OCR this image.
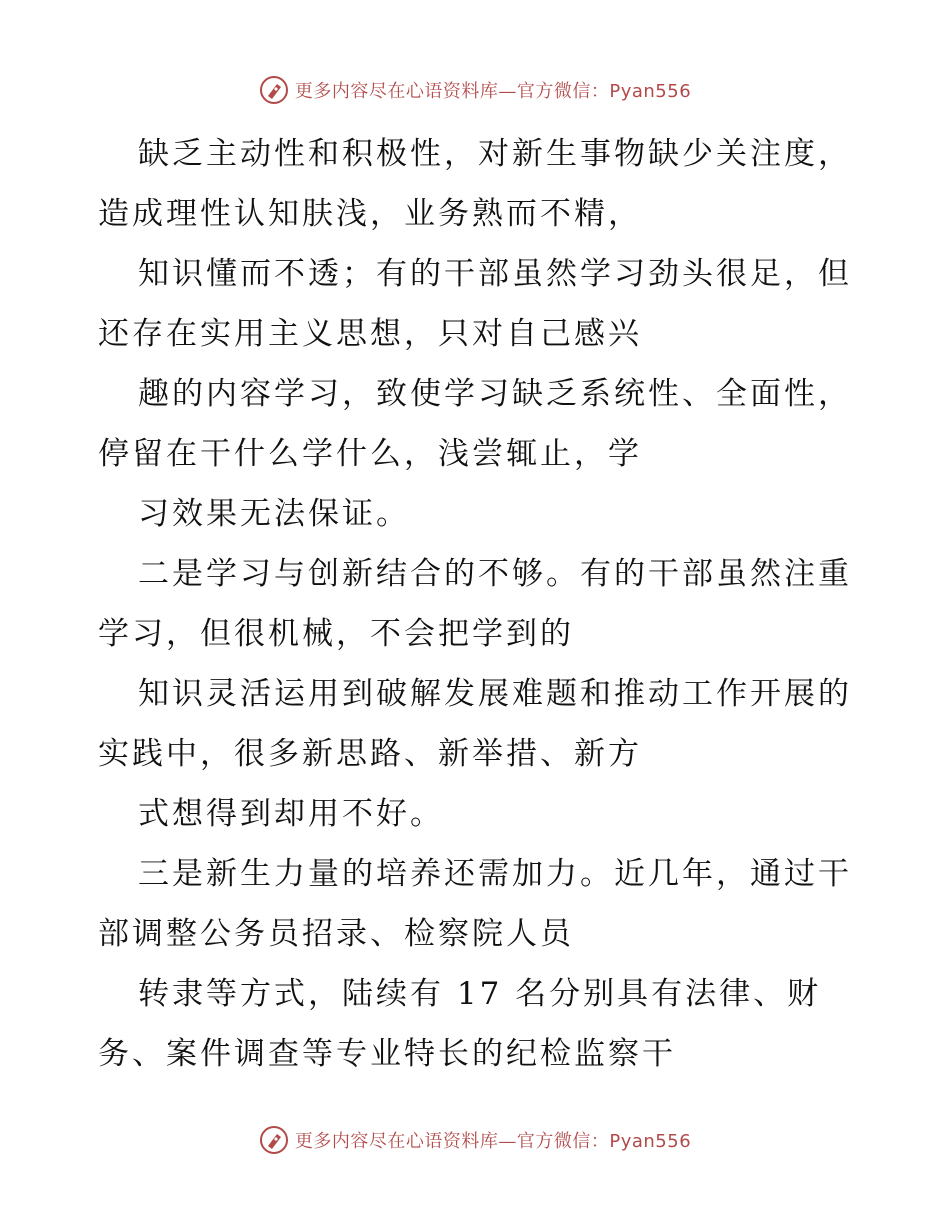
更多内容尽在心语资料库—官方微信：Pyan556

缺乏主动性和积极性，对新生事物缺少关注度，造成理性认知肤浅，业务熟而不精，

知识懂而不透；有的干部虽然学习劲头很足，但还存在实用主义思想，只对自己感兴

趣的内容学习，致使学习缺乏系统性、全面性，停留在干什么学什么，浅尝辄止，学

习效果无法保证。

二是学习与创新结合的不够。有的干部虽然注重学习，但很机械，不会把学到的

知识灵活运用到破解发展难题和推动工作开展的实践中，很多新思路、新举措、新方

式想得到却用不好。

三是新生力量的培养还需加力。近几年，通过干部调整公务员招录、检察院人员

转隶等方式，陆续有 17 名分别具有法律、财务、案件调查等专业特长的纪检监察干

更多内容尽在心语资料库—官方微信：Pyan556
